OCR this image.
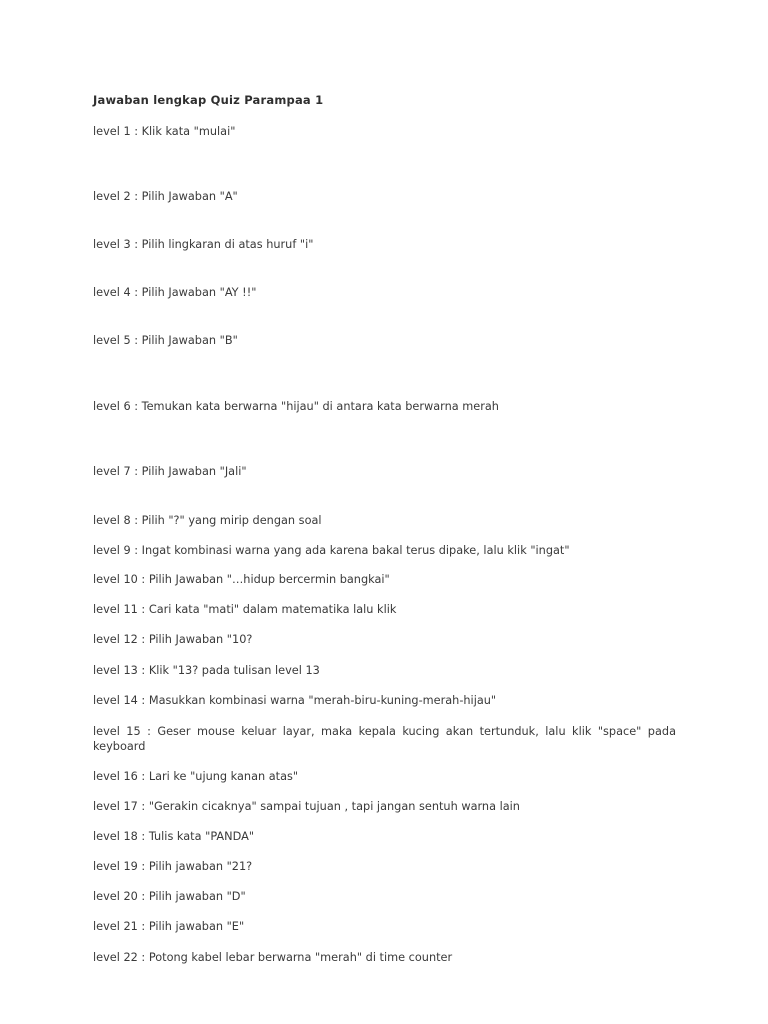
Jawaban lengkap Quiz Parampaa 1
level 1 : Klik kata "mulai"
level 2 : Pilih Jawaban "A"
level 3 : Pilih lingkaran di atas huruf "i"
level 4 : Pilih Jawaban "AY !!"
level 5 : Pilih Jawaban "B"
level 6 : Temukan kata berwarna "hijau" di antara kata berwarna merah
level 7 : Pilih Jawaban "Jali"
level 8 : Pilih "?" yang mirip dengan soal
level 9 : Ingat kombinasi warna yang ada karena bakal terus dipake, lalu klik "ingat"
level 10 : Pilih Jawaban "…hidup bercermin bangkai"
level 11 : Cari kata "mati" dalam matematika lalu klik
level 12 : Pilih Jawaban "10?
level 13 : Klik "13? pada tulisan level 13
level 14 : Masukkan kombinasi warna "merah-biru-kuning-merah-hijau"
level 15 : Geser mouse keluar layar, maka kepala kucing akan tertunduk, lalu klik "space" pada keyboard
level 16 : Lari ke "ujung kanan atas"
level 17 : "Gerakin cicaknya" sampai tujuan , tapi jangan sentuh warna lain
level 18 : Tulis kata "PANDA"
level 19 : Pilih jawaban "21?
level 20 : Pilih jawaban "D"
level 21 : Pilih jawaban "E"
level 22 : Potong kabel lebar berwarna "merah" di time counter
